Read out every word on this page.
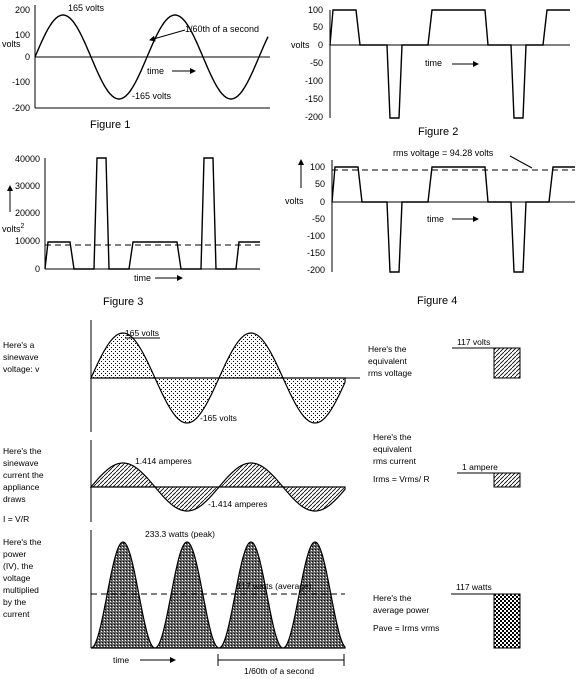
200
100
0
-100
-200
volts
165 volts
-165 volts
time
1/60th of a second
Figure 1
100
50
0
-50
-100
-150
-200
volts
time
Figure 2
40000
30000
20000
10000
0
volts$^2$
time
Figure 3
100
50
0
-50
-100
-150
-200
volts
rms voltage = 94.28 volts
time
Figure 4
Here's a
sinewave
voltage: v
165 volts
-165 volts
Here's the
equivalent
rms voltage
117 volts
Here's the
sinewave
current the
appliance
draws
I = V/R
1.414 amperes
-1.414 amperes
Here's the
equivalent
rms current
Irms = Vrms/ R
1 ampere
Here's the
power
(IV), the
voltage
multiplied
by the
current
233.3 watts (peak)
117 watts (average)
Here's the
average power
Pave = Irms vrms
117 watts
time
1/60th of a second
